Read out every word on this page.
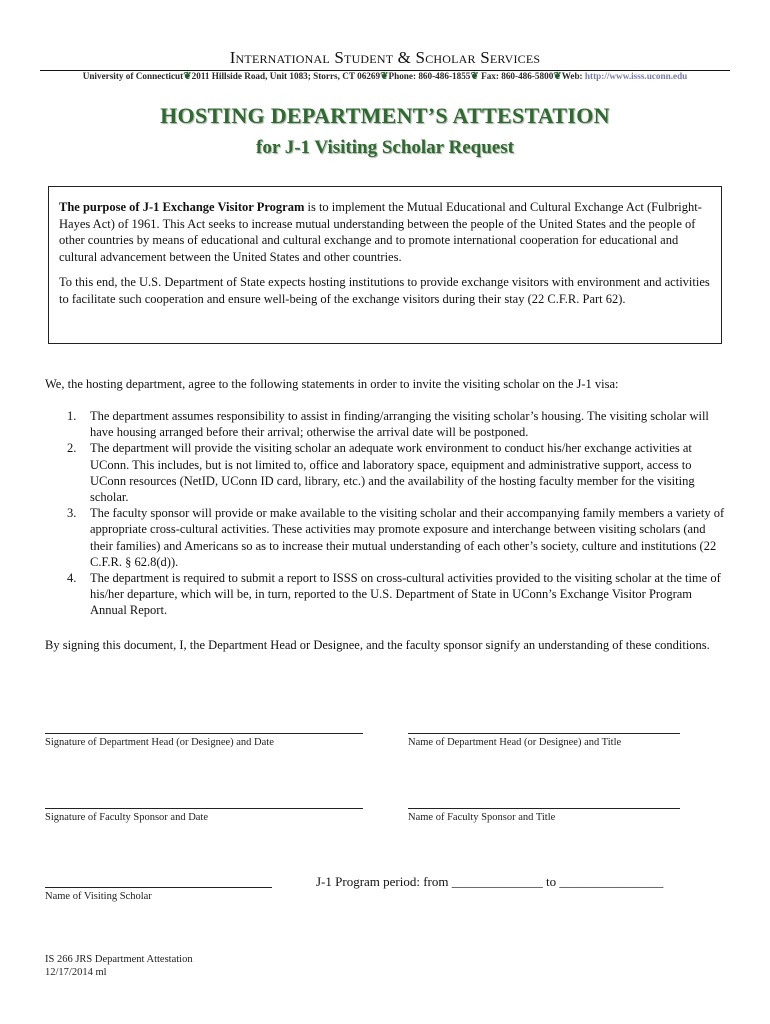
International Student & Scholar Services
University of Connecticut❦2011 Hillside Road, Unit 1083; Storrs, CT 06269❦Phone: 860-486-1855❦ Fax: 860-486-5800❦Web: http://www.isss.uconn.edu
HOSTING DEPARTMENT’S ATTESTATION
for J-1 Visiting Scholar Request

The purpose of J-1 Exchange Visitor Program is to implement the Mutual Educational and Cultural Exchange Act (Fulbright-Hayes Act) of 1961. This Act seeks to increase mutual understanding between the people of the United States and the people of other countries by means of educational and cultural exchange and to promote international cooperation for educational and cultural advancement between the United States and other countries.

To this end, the U.S. Department of State expects hosting institutions to provide exchange visitors with environment and activities to facilitate such cooperation and ensure well-being of the exchange visitors during their stay (22 C.F.R. Part 62).

We, the hosting department, agree to the following statements in order to invite the visiting scholar on the J-1 visa:
1. The department assumes responsibility to assist in finding/arranging the visiting scholar’s housing. The visiting scholar will have housing arranged before their arrival; otherwise the arrival date will be postponed.
2. The department will provide the visiting scholar an adequate work environment to conduct his/her exchange activities at UConn. This includes, but is not limited to, office and laboratory space, equipment and administrative support, access to UConn resources (NetID, UConn ID card, library, etc.) and the availability of the hosting faculty member for the visiting scholar.
3. The faculty sponsor will provide or make available to the visiting scholar and their accompanying family members a variety of appropriate cross-cultural activities. These activities may promote exposure and interchange between visiting scholars (and their families) and Americans so as to increase their mutual understanding of each other’s society, culture and institutions (22 C.F.R. § 62.8(d)).
4. The department is required to submit a report to ISSS on cross-cultural activities provided to the visiting scholar at the time of his/her departure, which will be, in turn, reported to the U.S. Department of State in UConn’s Exchange Visitor Program Annual Report.
By signing this document, I, the Department Head or Designee, and the faculty sponsor signify an understanding of these conditions.
Signature of Department Head (or Designee) and Date	Name of Department Head (or Designee) and Title
Signature of Faculty Sponsor and Date	Name of Faculty Sponsor and Title
Name of Visiting Scholar
J-1 Program period: from ______________ to ________________
IS 266 JRS Department Attestation
12/17/2014 ml
